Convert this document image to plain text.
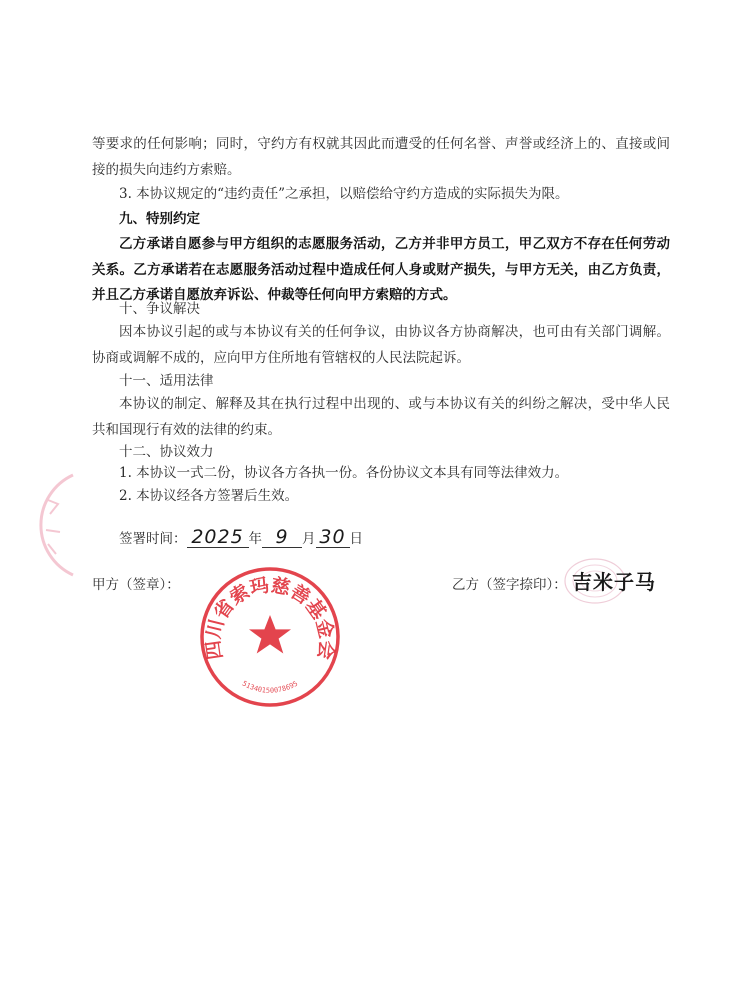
等要求的任何影响；同时，守约方有权就其因此而遭受的任何名誉、声誉或经济上的、直接或间接的损失向违约方索赔。

3. 本协议规定的“违约责任”之承担，以赔偿给守约方造成的实际损失为限。

九、特别约定

乙方承诺自愿参与甲方组织的志愿服务活动，乙方并非甲方员工，甲乙双方不存在任何劳动关系。乙方承诺若在志愿服务活动过程中造成任何人身或财产损失，与甲方无关，由乙方负责，并且乙方承诺自愿放弃诉讼、仲裁等任何向甲方索赔的方式。

十、争议解决

因本协议引起的或与本协议有关的任何争议，由协议各方协商解决，也可由有关部门调解。协商或调解不成的，应向甲方住所地有管辖权的人民法院起诉。

十一、适用法律

本协议的制定、解释及其在执行过程中出现的、或与本协议有关的纠纷之解决，受中华人民共和国现行有效的法律的约束。

十二、协议效力

1. 本协议一式二份，协议各方各执一份。各份协议文本具有同等法律效力。

2. 本协议经各方签署后生效。

签署时间： 2025 年 9 月 30 日
甲方（签章）：	乙方（签字捺印）： 吉米子马
四川省索玛慈善基金会
51340150078695
